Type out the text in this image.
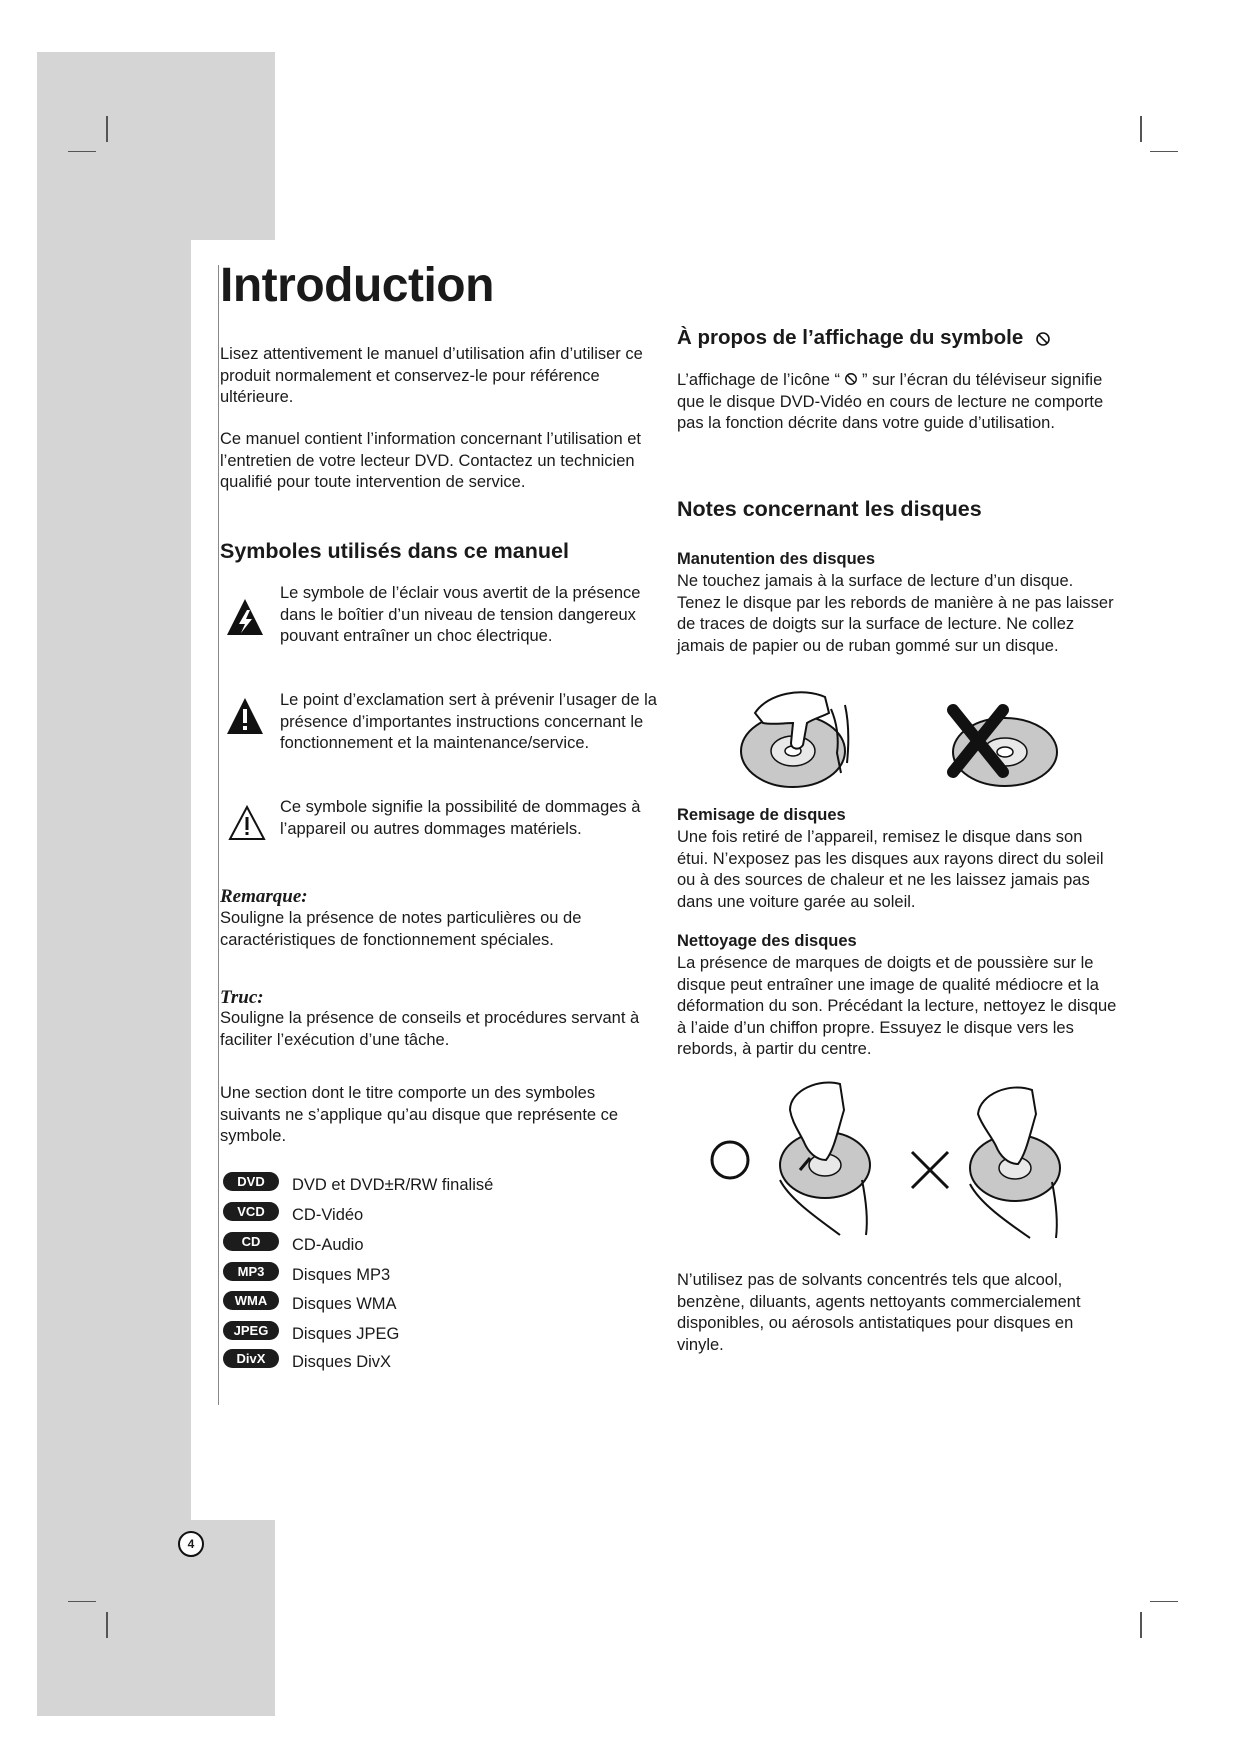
Introduction

Lisez attentivement le manuel d’utilisation afin d’utiliser ce produit normalement et conservez-le pour référence ultérieure.

Ce manuel contient l’information concernant l’utilisation et l’entretien de votre lecteur DVD. Contactez un technicien qualifié pour toute intervention de service.

Symboles utilisés dans ce manuel

Le symbole de l’éclair vous avertit de la présence dans le boîtier d’un niveau de tension dangereux pouvant entraîner un choc électrique.

Le point d’exclamation sert à prévenir l’usager de la présence d’importantes instructions concernant le fonctionnement et la maintenance/service.

Ce symbole signifie la possibilité de dommages à l’appareil ou autres dommages matériels.

Remarque:

Souligne la présence de notes particulières ou de caractéristiques de fonctionnement spéciales.

Truc:

Souligne la présence de conseils et procédures servant à faciliter l’exécution d’une tâche.

Une section dont le titre comporte un des symboles suivants ne s’applique qu’au disque que représente ce symbole.

DVD	DVD et DVD±R/RW finalisé
VCD	CD-Vidéo
CD	CD-Audio
MP3	Disques MP3
WMA	Disques WMA
JPEG	Disques JPEG
DivX	Disques DivX
4
À propos de l’affichage du symbole

L’affichage de l’icône “ ” sur l’écran du téléviseur signifie que le disque DVD-Vidéo en cours de lecture ne comporte pas la fonction décrite dans votre guide d’utilisation.

Notes concernant les disques
Manutention des disques

Ne touchez jamais à la surface de lecture d’un disque. Tenez le disque par les rebords de manière à ne pas laisser de traces de doigts sur la surface de lecture. Ne collez jamais de papier ou de ruban gommé sur un disque.

Remisage de disques

Une fois retiré de l’appareil, remisez le disque dans son étui. N’exposez pas les disques aux rayons direct du soleil ou à des sources de chaleur et ne les laissez jamais pas dans une voiture garée au soleil.

Nettoyage des disques

La présence de marques de doigts et de poussière sur le disque peut entraîner une image de qualité médiocre et la déformation du son. Précédant la lecture, nettoyez le disque à l’aide d’un chiffon propre. Essuyez le disque vers les rebords, à partir du centre.

N’utilisez pas de solvants concentrés tels que alcool, benzène, diluants, agents nettoyants commercialement disponibles, ou aérosols antistatiques pour disques en vinyle.
